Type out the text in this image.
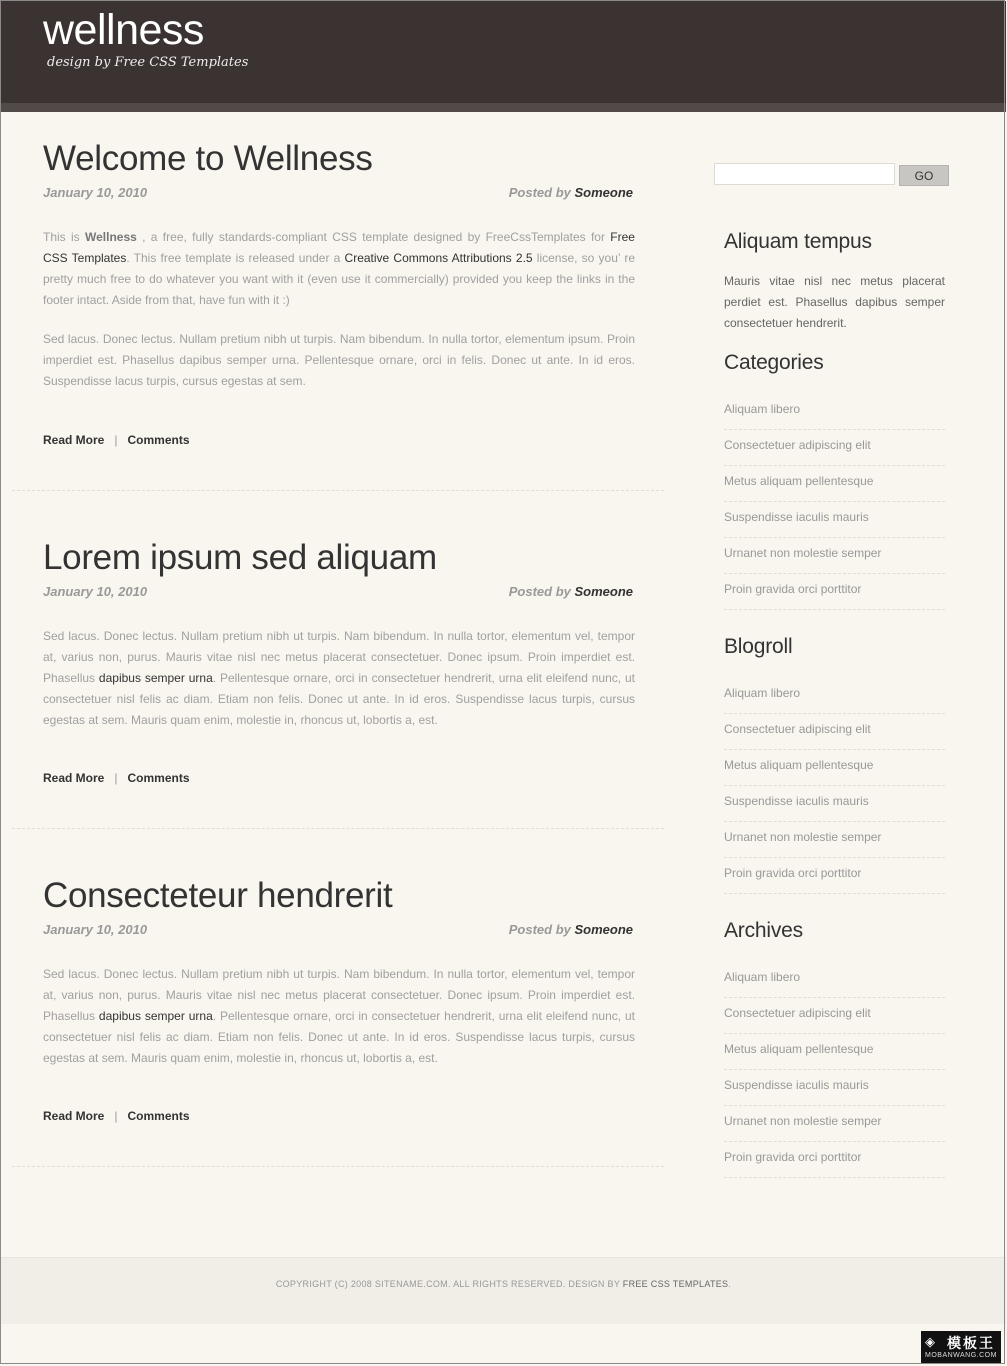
wellness
design by Free CSS Templates
Welcome to Wellness
January 10, 2010	Posted by Someone

This is Wellness , a free, fully standards-compliant CSS template designed by FreeCssTemplates for Free CSS Templates. This free template is released under a Creative Commons Attributions 2.5 license, so you’ re pretty much free to do whatever you want with it (even use it commercially) provided you keep the links in the footer intact. Aside from that, have fun with it :)

Sed lacus. Donec lectus. Nullam pretium nibh ut turpis. Nam bibendum. In nulla tortor, elementum ipsum. Proin imperdiet est. Phasellus dapibus semper urna. Pellentesque ornare, orci in felis. Donec ut ante. In id eros. Suspendisse lacus turpis, cursus egestas at sem.

Read More | Comments
Lorem ipsum sed aliquam
January 10, 2010	Posted by Someone

Sed lacus. Donec lectus. Nullam pretium nibh ut turpis. Nam bibendum. In nulla tortor, elementum vel, tempor at, varius non, purus. Mauris vitae nisl nec metus placerat consectetuer. Donec ipsum. Proin imperdiet est. Phasellus dapibus semper urna. Pellentesque ornare, orci in consectetuer hendrerit, urna elit eleifend nunc, ut consectetuer nisl felis ac diam. Etiam non felis. Donec ut ante. In id eros. Suspendisse lacus turpis, cursus egestas at sem. Mauris quam enim, molestie in, rhoncus ut, lobortis a, est.

Read More | Comments
Consecteteur hendrerit
January 10, 2010	Posted by Someone

Sed lacus. Donec lectus. Nullam pretium nibh ut turpis. Nam bibendum. In nulla tortor, elementum vel, tempor at, varius non, purus. Mauris vitae nisl nec metus placerat consectetuer. Donec ipsum. Proin imperdiet est. Phasellus dapibus semper urna. Pellentesque ornare, orci in consectetuer hendrerit, urna elit eleifend nunc, ut consectetuer nisl felis ac diam. Etiam non felis. Donec ut ante. In id eros. Suspendisse lacus turpis, cursus egestas at sem. Mauris quam enim, molestie in, rhoncus ut, lobortis a, est.

Read More | Comments
GO
Aliquam tempus

Mauris vitae nisl nec metus placerat perdiet est. Phasellus dapibus semper consectetuer hendrerit.

Categories
Aliquam libero
Consectetuer adipiscing elit
Metus aliquam pellentesque
Suspendisse iaculis mauris
Urnanet non molestie semper
Proin gravida orci porttitor
Blogroll
Aliquam libero
Consectetuer adipiscing elit
Metus aliquam pellentesque
Suspendisse iaculis mauris
Urnanet non molestie semper
Proin gravida orci porttitor
Archives
Aliquam libero
Consectetuer adipiscing elit
Metus aliquam pellentesque
Suspendisse iaculis mauris
Urnanet non molestie semper
Proin gravida orci porttitor
COPYRIGHT (C) 2008 SITENAME.COM. ALL RIGHTS RESERVED. DESIGN BY FREE CSS TEMPLATES.
◈ 模板王
MOBANWANG.COM
